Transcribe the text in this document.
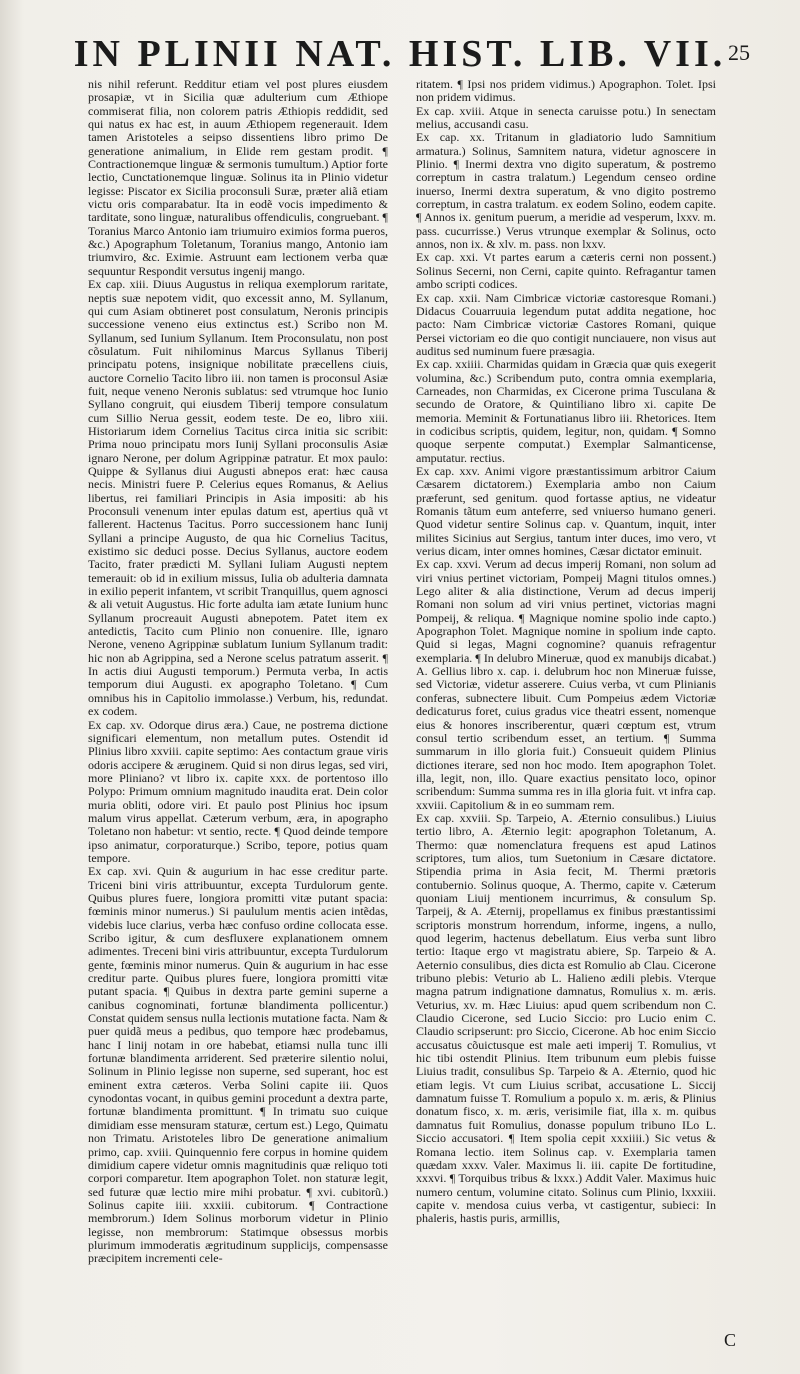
IN PLINII NAT. HIST. LIB. VII. 25

nis nihil referunt. Redditur etiam vel post plures eiusdem prosapiæ, vt in Sicilia quæ adulterium cum Æthiope commiserat filia, non colorem patris Æthiopis reddidit, sed qui natus ex hac est, in auum Æthiopem regenerauit. Idem tamen Aristoteles a seipso dissentiens libro primo De generatione animalium, in Elide rem gestam prodit. ¶ Contractionemque linguæ & sermonis tumultum.) Aptior forte lectio, Cunctationemque linguæ. Solinus ita in Plinio videtur legisse: Piscator ex Sicilia proconsuli Suræ, præter aliã etiam victu oris comparabatur. Ita in eodẽ vocis impedimento & tarditate, sono linguæ, naturalibus offendiculis, congruebant. ¶ Toranius Marco Antonio iam triumuiro eximios forma pueros, &c.) Apographum Toletanum, Toranius mango, Antonio iam triumviro, &c. Eximie. Astruunt eam lectionem verba quæ sequuntur Respondit versutus ingenij mango.

Ex cap. xiii. Diuus Augustus in reliqua exemplorum raritate, neptis suæ nepotem vidit, quo excessit anno, M. Syllanum, qui cum Asiam obtineret post consulatum, Neronis principis successione veneno eius extinctus est.) Scribo non M. Syllanum, sed Iunium Syllanum. Item Proconsulatu, non post cõsulatum. Fuit nihilominus Marcus Syllanus Tiberij principatu potens, insignique nobilitate præcellens ciuis, auctore Cornelio Tacito libro iii. non tamen is proconsul Asiæ fuit, neque veneno Neronis sublatus: sed vtrumque hoc Iunio Syllano congruit, qui eiusdem Tiberij tempore consulatum cum Sillio Nerua gessit, eodem teste. De eo, libro xiii. Historiarum idem Cornelius Tacitus circa initia sic scribit: Prima nouo principatu mors Iunij Syllani proconsulis Asiæ ignaro Nerone, per dolum Agrippinæ patratur. Et mox paulo: Quippe & Syllanus diui Augusti abnepos erat: hæc causa necis. Ministri fuere P. Celerius eques Romanus, & Aelius libertus, rei familiari Principis in Asia impositi: ab his Proconsuli venenum inter epulas datum est, apertius quã vt fallerent. Hactenus Tacitus. Porro successionem hanc Iunij Syllani a principe Augusto, de qua hic Cornelius Tacitus, existimo sic deduci posse. Decius Syllanus, auctore eodem Tacito, frater prædicti M. Syllani Iuliam Augusti neptem temerauit: ob id in exilium missus, Iulia ob adulteria damnata in exilio peperit infantem, vt scribit Tranquillus, quem agnosci & ali vetuit Augustus. Hic forte adulta iam ætate Iunium hunc Syllanum procreauit Augusti abnepotem. Patet item ex antedictis, Tacito cum Plinio non conuenire. Ille, ignaro Nerone, veneno Agrippinæ sublatum Iunium Syllanum tradit: hic non ab Agrippina, sed a Nerone scelus patratum asserit. ¶ In actis diui Augusti temporum.) Permuta verba, In actis temporum diui Augusti. ex apographo Toletano. ¶ Cum omnibus his in Capitolio immolasse.) Verbum, his, redundat. ex codem.

Ex cap. xv. Odorque dirus æra.) Caue, ne postrema dictione significari elementum, non metallum putes. Ostendit id Plinius libro xxviii. capite septimo: Aes contactum graue viris odoris accipere & æruginem. Quid si non dirus legas, sed viri, more Pliniano? vt libro ix. capite xxx. de portentoso illo Polypo: Primum omnium magnitudo inaudita erat. Dein color muria obliti, odore viri. Et paulo post Plinius hoc ipsum malum virus appellat. Cæterum verbum, æra, in apographo Toletano non habetur: vt sentio, recte. ¶ Quod deinde tempore ipso animatur, corporaturque.) Scribo, tepore, potius quam tempore.

Ex cap. xvi. Quin & augurium in hac esse creditur parte. Triceni bini viris attribuuntur, excepta Turdulorum gente. Quibus plures fuere, longiora promitti vitæ putant spacia: fœminis minor numerus.) Si paululum mentis acien intẽdas, videbis luce clarius, verba hæc confuso ordine collocata esse. Scribo igitur, & cum desfluxere explanationem omnem adimentes. Treceni bini viris attribuuntur, excepta Turdulorum gente, fœminis minor numerus. Quin & augurium in hac esse creditur parte. Quibus plures fuere, longiora promitti vitæ putant spacia. ¶ Quibus in dextra parte gemini superne a canibus cognominati, fortunæ blandimenta pollicentur.) Constat quidem sensus nulla lectionis mutatione facta. Nam & puer quidã meus a pedibus, quo tempore hæc prodebamus, hanc I linij notam in ore habebat, etiamsi nulla tunc illi fortunæ blandimenta arriderent. Sed præterire silentio nolui, Solinum in Plinio legisse non superne, sed superant, hoc est eminent extra cæteros. Verba Solini capite iii. Quos cynodontas vocant, in quibus gemini procedunt a dextra parte, fortunæ blandimenta promittunt. ¶ In trimatu suo cuique dimidiam esse mensuram staturæ, certum est.) Lego, Quimatu non Trimatu. Aristoteles libro De generatione animalium primo, cap. xviii. Quinquennio fere corpus in homine quidem dimidium capere videtur omnis magnitudinis quæ reliquo toti corpori comparetur. Item apographon Tolet. non staturæ legit, sed futuræ quæ lectio mire mihi probatur. ¶ xvi. cubitorũ.) Solinus capite iiii. xxxiii. cubitorum. ¶ Contractione membrorum.) Idem Solinus morborum videtur in Plinio legisse, non membrorum: Statimque obsessus morbis plurimum immoderatis ægritudinum supplicijs, compensasse præcipitem incrementi cele-

ritatem. ¶ Ipsi nos pridem vidimus.) Apographon. Tolet. Ipsi non pridem vidimus.

Ex cap. xviii. Atque in senecta caruisse potu.) In senectam melius, accusandi casu.

Ex cap. xx. Tritanum in gladiatorio ludo Samnitium armatura.) Solinus, Samnitem natura, videtur agnoscere in Plinio. ¶ Inermi dextra vno digito superatum, & postremo correptum in castra tralatum.) Legendum censeo ordine inuerso, Inermi dextra superatum, & vno digito postremo correptum, in castra tralatum. ex eodem Solino, eodem capite. ¶ Annos ix. genitum puerum, a meridie ad vesperum, lxxv. m. pass. cucurrisse.) Verus vtrunque exemplar & Solinus, octo annos, non ix. & xlv. m. pass. non lxxv.

Ex cap. xxi. Vt partes earum a cæteris cerni non possent.) Solinus Secerni, non Cerni, capite quinto. Refragantur tamen ambo scripti codices.

Ex cap. xxii. Nam Cimbricæ victoriæ castoresque Romani.) Didacus Couarruuia legendum putat addita negatione, hoc pacto: Nam Cimbricæ victoriæ Castores Romani, quique Persei victoriam eo die quo contigit nunciauere, non visus aut auditus sed numinum fuere præsagia.

Ex cap. xxiiii. Charmidas quidam in Græcia quæ quis exegerit volumina, &c.) Scribendum puto, contra omnia exemplaria, Carneades, non Charmidas, ex Cicerone prima Tusculana & secundo de Oratore, & Quintiliano libro xi. capite De memoria. Meminit & Fortunatianus libro iii. Rhetorices. Item in codicibus scriptis, quidem, legitur, non, quidam. ¶ Somno quoque serpente computat.) Exemplar Salmanticense, amputatur. rectius.

Ex cap. xxv. Animi vigore præstantissimum arbitror Caium Cæsarem dictatorem.) Exemplaria ambo non Caium præferunt, sed genitum. quod fortasse aptius, ne videatur Romanis tãtum eum anteferre, sed vniuerso humano generi. Quod videtur sentire Solinus cap. v. Quantum, inquit, inter milites Sicinius aut Sergius, tantum inter duces, imo vero, vt verius dicam, inter omnes homines, Cæsar dictator eminuit.

Ex cap. xxvi. Verum ad decus imperij Romani, non solum ad viri vnius pertinet victoriam, Pompeij Magni titulos omnes.) Lego aliter & alia distinctione, Verum ad decus imperij Romani non solum ad viri vnius pertinet, victorias magni Pompeij, & reliqua. ¶ Magnique nomine spolio inde capto.) Apographon Tolet. Magnique nomine in spolium inde capto. Quid si legas, Magni cognomine? quanuis refragentur exemplaria. ¶ In delubro Mineruæ, quod ex manubijs dicabat.) A. Gellius libro x. cap. i. delubrum hoc non Mineruæ fuisse, sed Victoriæ, videtur asserere. Cuius verba, vt cum Plinianis conferas, subnectere libuit. Cum Pompeius ædem Victoriæ dedicaturus foret, cuius gradus vice theatri essent, nomenque eius & honores inscriberentur, quæri cœptum est, vtrum consul tertio scribendum esset, an tertium. ¶ Summa summarum in illo gloria fuit.) Consueuit quidem Plinius dictiones iterare, sed non hoc modo. Item apographon Tolet. illa, legit, non, illo. Quare exactius pensitato loco, opinor scribendum: Summa summa res in illa gloria fuit. vt infra cap. xxviii. Capitolium & in eo summam rem.

Ex cap. xxviii. Sp. Tarpeio, A. Æternio consulibus.) Liuius tertio libro, A. Æternio legit: apographon Toletanum, A. Thermo: quæ nomenclatura frequens est apud Latinos scriptores, tum alios, tum Suetonium in Cæsare dictatore. Stipendia prima in Asia fecit, M. Thermi prætoris contubernio. Solinus quoque, A. Thermo, capite v. Cæterum quoniam Liuij mentionem incurrimus, & consulum Sp. Tarpeij, & A. Æternij, propellamus ex finibus præstantissimi scriptoris monstrum horrendum, informe, ingens, a nullo, quod legerim, hactenus debellatum. Eius verba sunt libro tertio: Itaque ergo vt magistratu abiere, Sp. Tarpeio & A. Aeternio consulibus, dies dicta est Romulio ab Clau. Cicerone tribuno plebis: Veturio ab L. Halieno ædili plebis. Vterque magna patrum indignatione damnatus, Romulius x. m. æris. Veturius, xv. m. Hæc Liuius: apud quem scribendum non C. Claudio Cicerone, sed Lucio Siccio: pro Lucio enim C. Claudio scripserunt: pro Siccio, Cicerone. Ab hoc enim Siccio accusatus cõuictusque est male aeti imperij T. Romulius, vt hic tibi ostendit Plinius. Item tribunum eum plebis fuisse Liuius tradit, consulibus Sp. Tarpeio & A. Æternio, quod hic etiam legis. Vt cum Liuius scribat, accusatione L. Siccij damnatum fuisse T. Romulium a populo x. m. æris, & Plinius donatum fisco, x. m. æris, verisimile fiat, illa x. m. quibus damnatus fuit Romulius, donasse populum tribuno ILo L. Siccio accusatori. ¶ Item spolia cepit xxxiiii.) Sic vetus & Romana lectio. item Solinus cap. v. Exemplaria tamen quædam xxxv. Valer. Maximus li. iii. capite De fortitudine, xxxvi. ¶ Torquibus tribus & lxxx.) Addit Valer. Maximus huic numero centum, volumine citato. Solinus cum Plinio, lxxxiii. capite v. mendosa cuius verba, vt castigentur, subieci: In phaleris, hastis puris, armillis,

C
